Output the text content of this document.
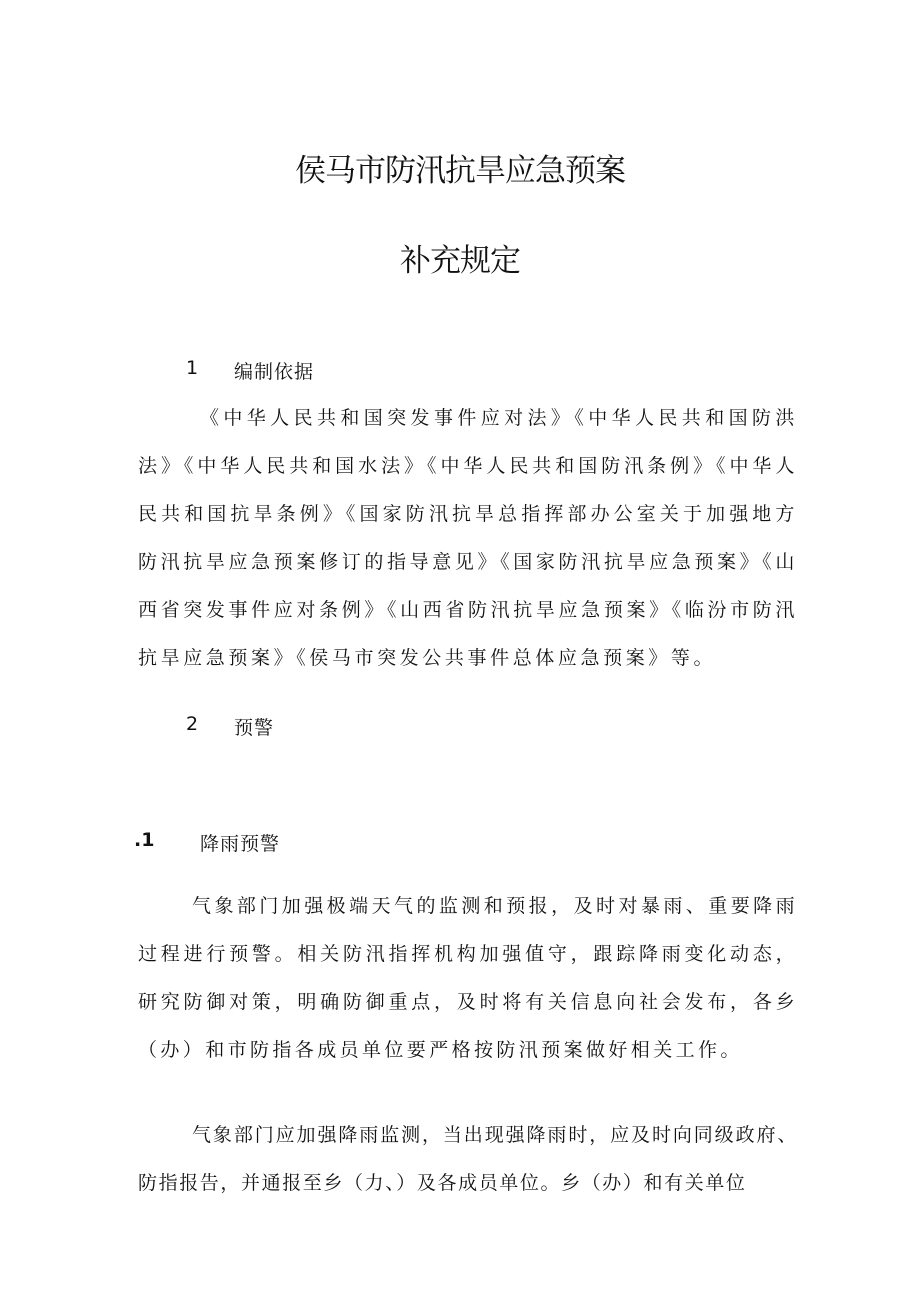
侯马市防汛抗旱应急预案
补充规定
1 编制依据

《中华人民共和国突发事件应对法》《中华人民共和国防洪法》《中华人民共和国水法》《中华人民共和国防汛条例》《中华人民共和国抗旱条例》《国家防汛抗旱总指挥部办公室关于加强地方防汛抗旱应急预案修订的指导意见》《国家防汛抗旱应急预案》《山西省突发事件应对条例》《山西省防汛抗旱应急预案》《临汾市防汛抗旱应急预案》《侯马市突发公共事件总体应急预案》等。

2 预警
.1 降雨预警

气象部门加强极端天气的监测和预报，及时对暴雨、重要降雨过程进行预警。相关防汛指挥机构加强值守，跟踪降雨变化动态，研究防御对策，明确防御重点，及时将有关信息向社会发布，各乡（办）和市防指各成员单位要严格按防汛预案做好相关工作。

气象部门应加强降雨监测，当出现强降雨时，应及时向同级政府、防指报告，并通报至乡（力、）及各成员单位。乡（办）和有关单位
